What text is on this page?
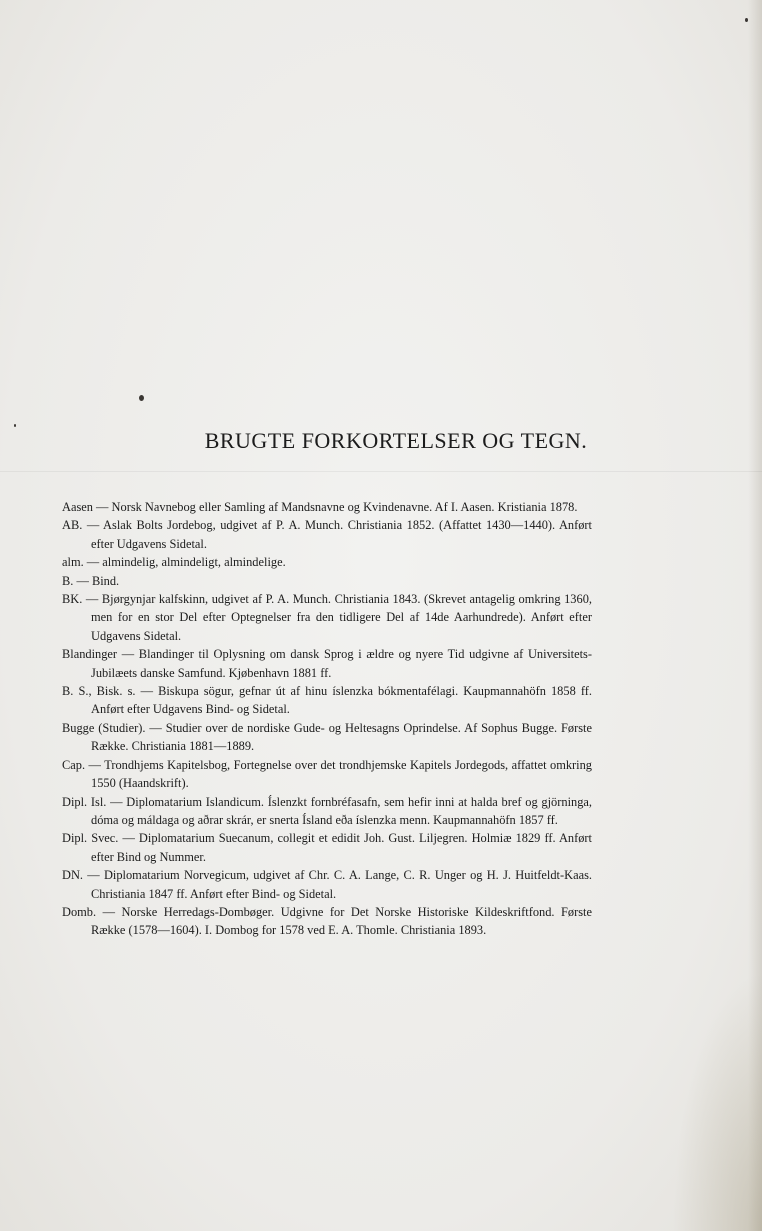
BRUGTE FORKORTELSER OG TEGN.

Aasen — Norsk Navnebog eller Samling af Mandsnavne og Kvindenavne. Af I. Aasen. Kristiania 1878.

AB. — Aslak Bolts Jordebog, udgivet af P. A. Munch. Christiania 1852. (Affattet 1430—1440). Anført efter Udgavens Sidetal.

alm. — almindelig, almindeligt, almindelige.

B. — Bind.

BK. — Bjørgynjar kalfskinn, udgivet af P. A. Munch. Christiania 1843. (Skrevet antagelig omkring 1360, men for en stor Del efter Optegnelser fra den tidligere Del af 14de Aarhundrede). Anført efter Udgavens Sidetal.

Blandinger — Blandinger til Oplysning om dansk Sprog i ældre og nyere Tid udgivne af Universitets-Jubilæets danske Samfund. Kjøbenhavn 1881 ff.

B. S., Bisk. s. — Biskupa sögur, gefnar út af hinu íslenzka bókmentafélagi. Kaupmannahöfn 1858 ff. Anført efter Udgavens Bind- og Sidetal.

Bugge (Studier). — Studier over de nordiske Gude- og Heltesagns Oprindelse. Af Sophus Bugge. Første Række. Christiania 1881—1889.

Cap. — Trondhjems Kapitelsbog, Fortegnelse over det trondhjemske Kapitels Jordegods, affattet omkring 1550 (Haandskrift).

Dipl. Isl. — Diplomatarium Islandicum. Íslenzkt fornbréfasafn, sem hefir inni at halda bref og gjörninga, dóma og máldaga og aðrar skrár, er snerta Ísland eða íslenzka menn. Kaupmannahöfn 1857 ff.

Dipl. Svec. — Diplomatarium Suecanum, collegit et edidit Joh. Gust. Liljegren. Holmiæ 1829 ff. Anført efter Bind og Nummer.

DN. — Diplomatarium Norvegicum, udgivet af Chr. C. A. Lange, C. R. Unger og H. J. Huitfeldt-Kaas. Christiania 1847 ff. Anført efter Bind- og Sidetal.

Domb. — Norske Herredags-Dombøger. Udgivne for Det Norske Historiske Kildeskriftfond. Første Række (1578—1604). I. Dombog for 1578 ved E. A. Thomle. Christiania 1893.
